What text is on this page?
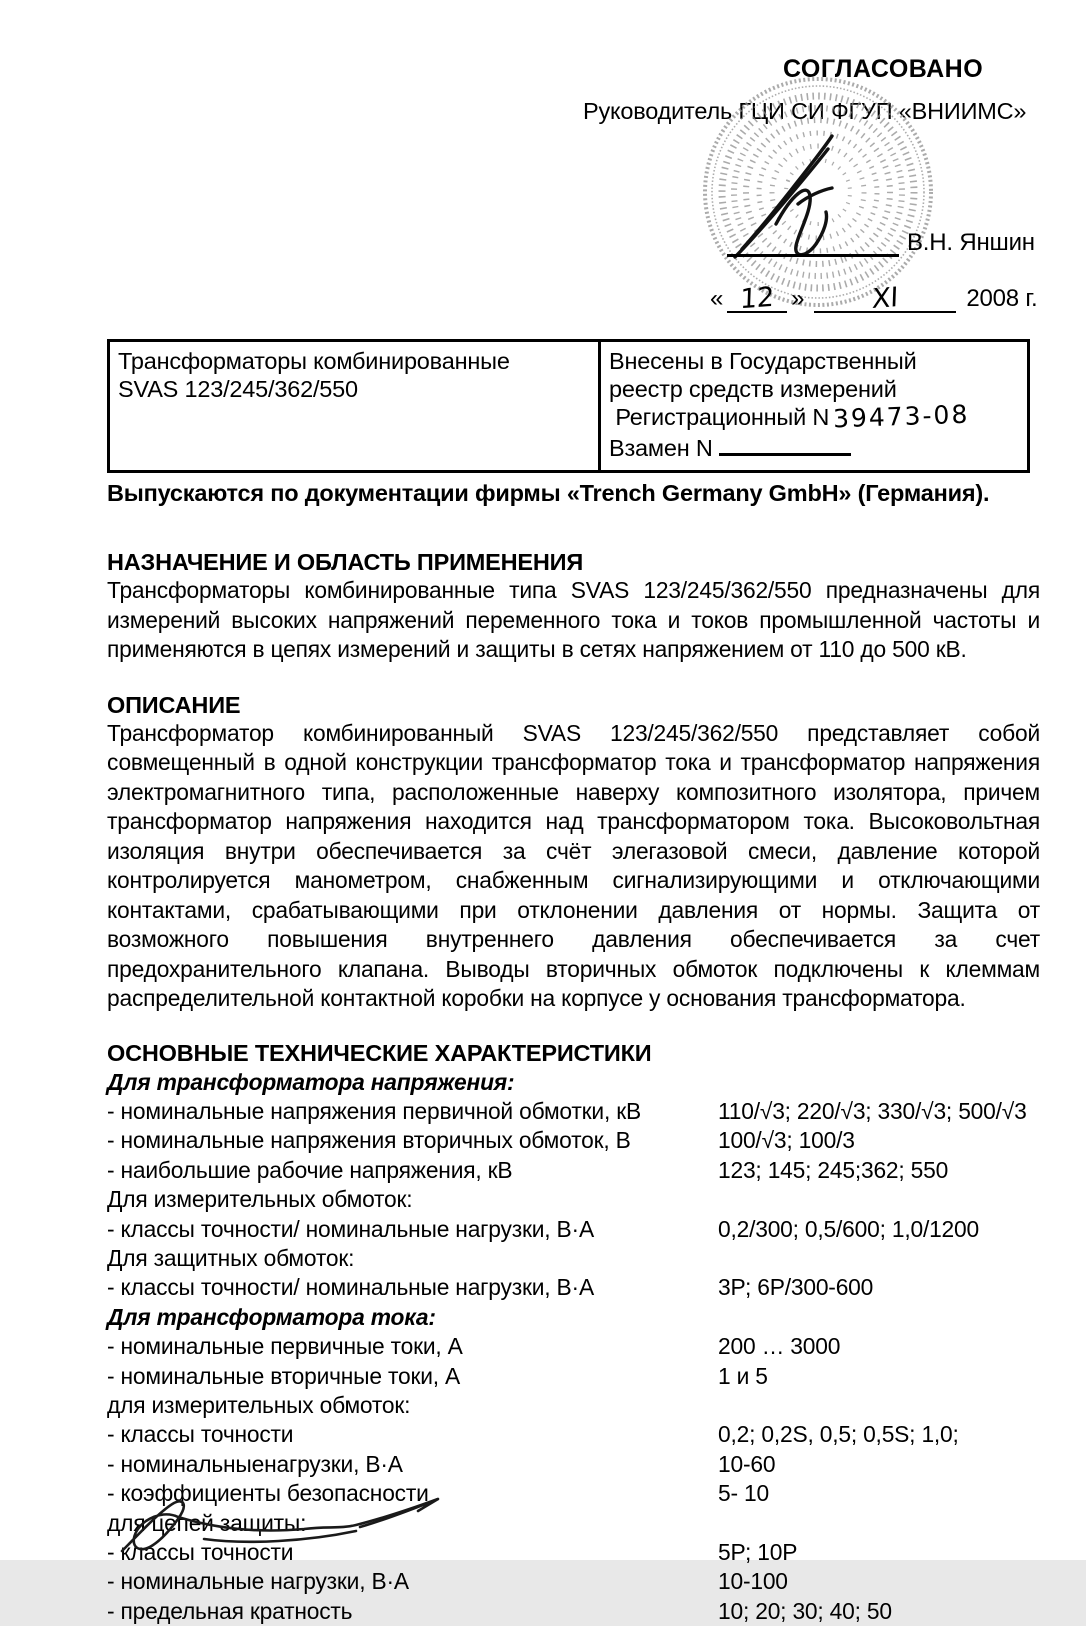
СОГЛАСОВАНО
Руководитель ГЦИ СИ ФГУП «ВНИИМС»
В.Н. Яншин
« 12 »	XI	2008 г.
Трансформаторы комбинированные
SVAS 123/245/362/550

Внесены в Государственный
реестр средств измерений
Регистрационный N 39473-08
Взамен N
Выпускаются по документации фирмы «Trench Germany GmbH» (Германия).
НАЗНАЧЕНИЕ И ОБЛАСТЬ ПРИМЕНЕНИЯ

Трансформаторы комбинированные типа SVAS 123/245/362/550 предназначены для измерений высоких напряжений переменного тока и токов промышленной частоты и применяются в цепях измерений и защиты в сетях напряжением от 110 до 500 кВ.

ОПИСАНИЕ

Трансформатор комбинированный SVAS 123/245/362/550 представляет собой совмещенный в одной конструкции трансформатор тока и трансформатор напряжения электромагнитного типа, расположенные наверху композитного изолятора, причем трансформатор напряжения находится над трансформатором тока. Высоковольтная изоляция внутри обеспечивается за счёт элегазовой смеси, давление которой контролируется манометром, снабженным сигнализирующими и отключающими контактами, срабатывающими при отклонении давления от нормы. Защита от возможного повышения внутреннего давления обеспечивается за счет предохранительного клапана. Выводы вторичных обмоток подключены к клеммам распределительной контактной коробки на корпусе у основания трансформатора.

ОСНОВНЫЕ ТЕХНИЧЕСКИЕ ХАРАКТЕРИСТИКИ
Для трансформатора напряжения:
- номинальные напряжения первичной обмотки, кВ	110/√3; 220/√3; 330/√3; 500/√3
- номинальные напряжения вторичных обмоток, В	100/√3; 100/3
- наибольшие рабочие напряжения, кВ	123; 145; 245;362; 550
Для измерительных обмоток:
- классы точности/ номинальные нагрузки, В·А	0,2/300; 0,5/600; 1,0/1200
Для защитных обмоток:
- классы точности/ номинальные нагрузки, В·А	3Р; 6Р/300-600
Для трансформатора тока:
- номинальные первичные токи, А	200 … 3000
- номинальные вторичные токи, А	1 и 5
для измерительных обмоток:
- классы точности	0,2; 0,2S, 0,5; 0,5S; 1,0;
- номинальныенагрузки, В·А	10-60
- коэффициенты безопасности	5- 10
для цепей защиты:
- классы точности	5Р; 10Р
- номинальные нагрузки, В·А	10-100
- предельная кратность	10; 20; 30; 40; 50
